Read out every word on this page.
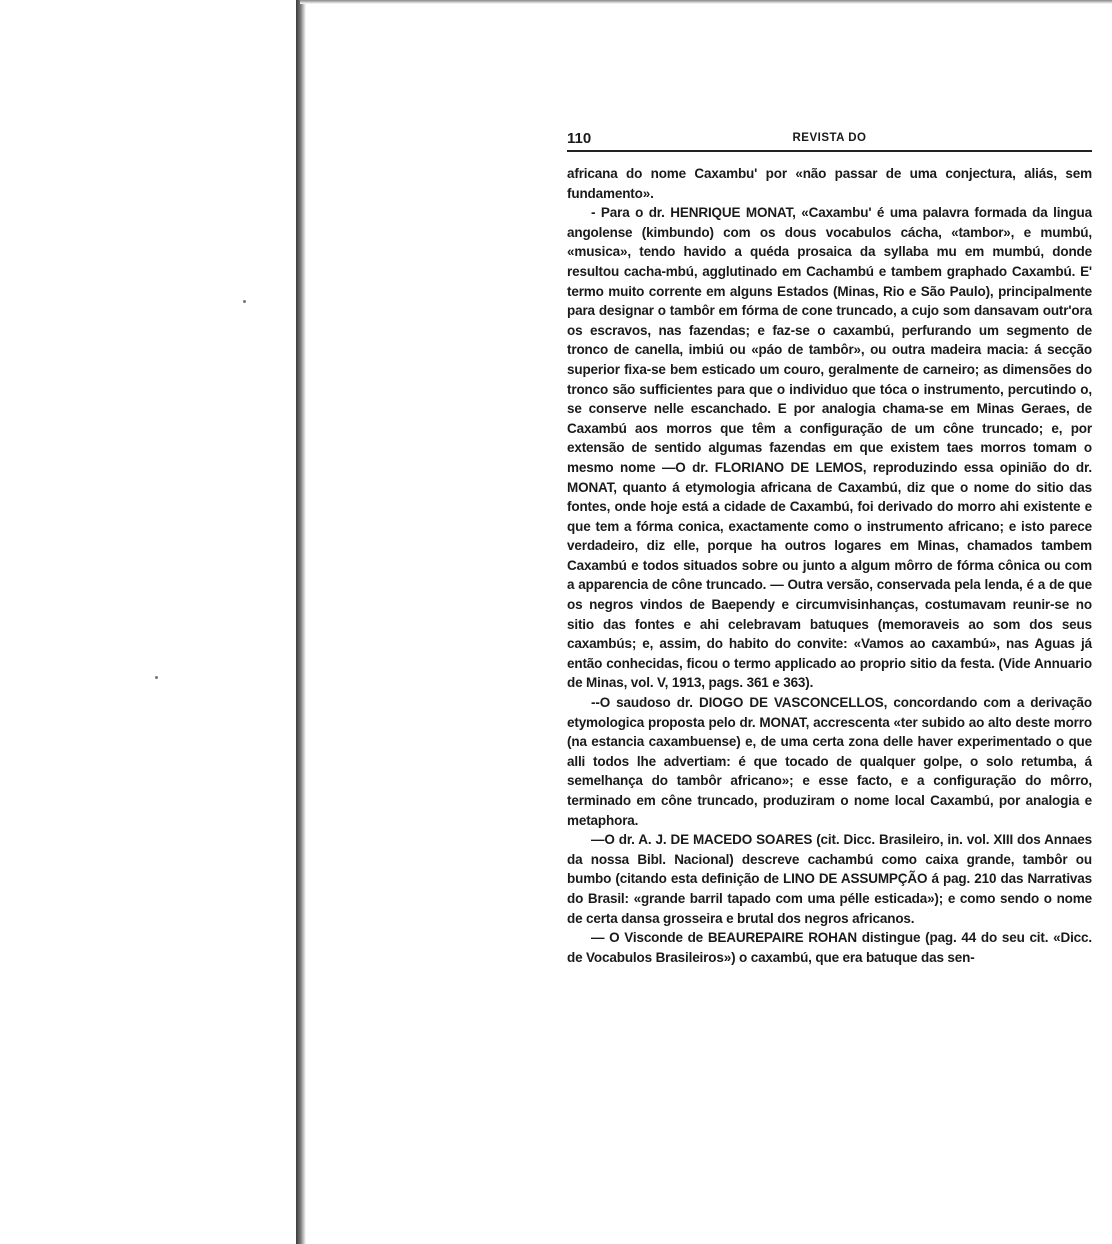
110	REVISTA DO

africana do nome Caxambu' por «não passar de uma conjectura, aliás, sem fundamento».

- Para o dr. HENRIQUE MONAT, «Caxambu' é uma palavra formada da lingua angolense (kimbundo) com os dous vocabulos cácha, «tambor», e mumbú, «musica», tendo havido a quéda prosaica da syllaba mu em mumbú, donde resultou cacha-mbú, agglutinado em Cachambú e tambem graphado Caxambú. E' termo muito corrente em alguns Estados (Minas, Rio e São Paulo), principalmente para designar o tambôr em fórma de cone truncado, a cujo som dansavam outr'ora os escravos, nas fazendas; e faz-se o caxambú, perfurando um segmento de tronco de canella, imbiú ou «páo de tambôr», ou outra madeira macia: á secção superior fixa-se bem esticado um couro, geralmente de carneiro; as dimensões do tronco são sufficientes para que o individuo que tóca o instrumento, percutindo o, se conserve nelle escanchado. E por analogia chama-se em Minas Geraes, de Caxambú aos morros que têm a configuração de um cône truncado; e, por extensão de sentido algumas fazendas em que existem taes morros tomam o mesmo nome —O dr. FLORIANO DE LEMOS, reproduzindo essa opinião do dr. MONAT, quanto á etymologia africana de Caxambú, diz que o nome do sitio das fontes, onde hoje está a cidade de Caxambú, foi derivado do morro ahi existente e que tem a fórma conica, exactamente como o instrumento africano; e isto parece verdadeiro, diz elle, porque ha outros logares em Minas, chamados tambem Caxambú e todos situados sobre ou junto a algum môrro de fórma cônica ou com a apparencia de cône truncado. — Outra versão, conservada pela lenda, é a de que os negros vindos de Baependy e circumvisinhanças, costumavam reunir-se no sitio das fontes e ahi celebravam batuques (memoraveis ao som dos seus caxambús; e, assim, do habito do convite: «Vamos ao caxambú», nas Aguas já então conhecidas, ficou o termo applicado ao proprio sitio da festa. (Vide Annuario de Minas, vol. V, 1913, pags. 361 e 363).

--O saudoso dr. DIOGO DE VASCONCELLOS, concordando com a derivação etymologica proposta pelo dr. MONAT, accrescenta «ter subido ao alto deste morro (na estancia caxambuense) e, de uma certa zona delle haver experimentado o que alli todos lhe advertiam: é que tocado de qualquer golpe, o solo retumba, á semelhança do tambôr africano»; e esse facto, e a configuração do môrro, terminado em cône truncado, produziram o nome local Caxambú, por analogia e metaphora.

—O dr. A. J. DE MACEDO SOARES (cit. Dicc. Brasileiro, in. vol. XIII dos Annaes da nossa Bibl. Nacional) descreve cachambú como caixa grande, tambôr ou bumbo (citando esta definição de LINO DE ASSUMPÇÃO á pag. 210 das Narrativas do Brasil: «grande barril tapado com uma pélle esticada»); e como sendo o nome de certa dansa grosseira e brutal dos negros africanos.

— O Visconde de BEAUREPAIRE ROHAN distingue (pag. 44 do seu cit. «Dicc. de Vocabulos Brasileiros») o caxambú, que era batuque das sen-
